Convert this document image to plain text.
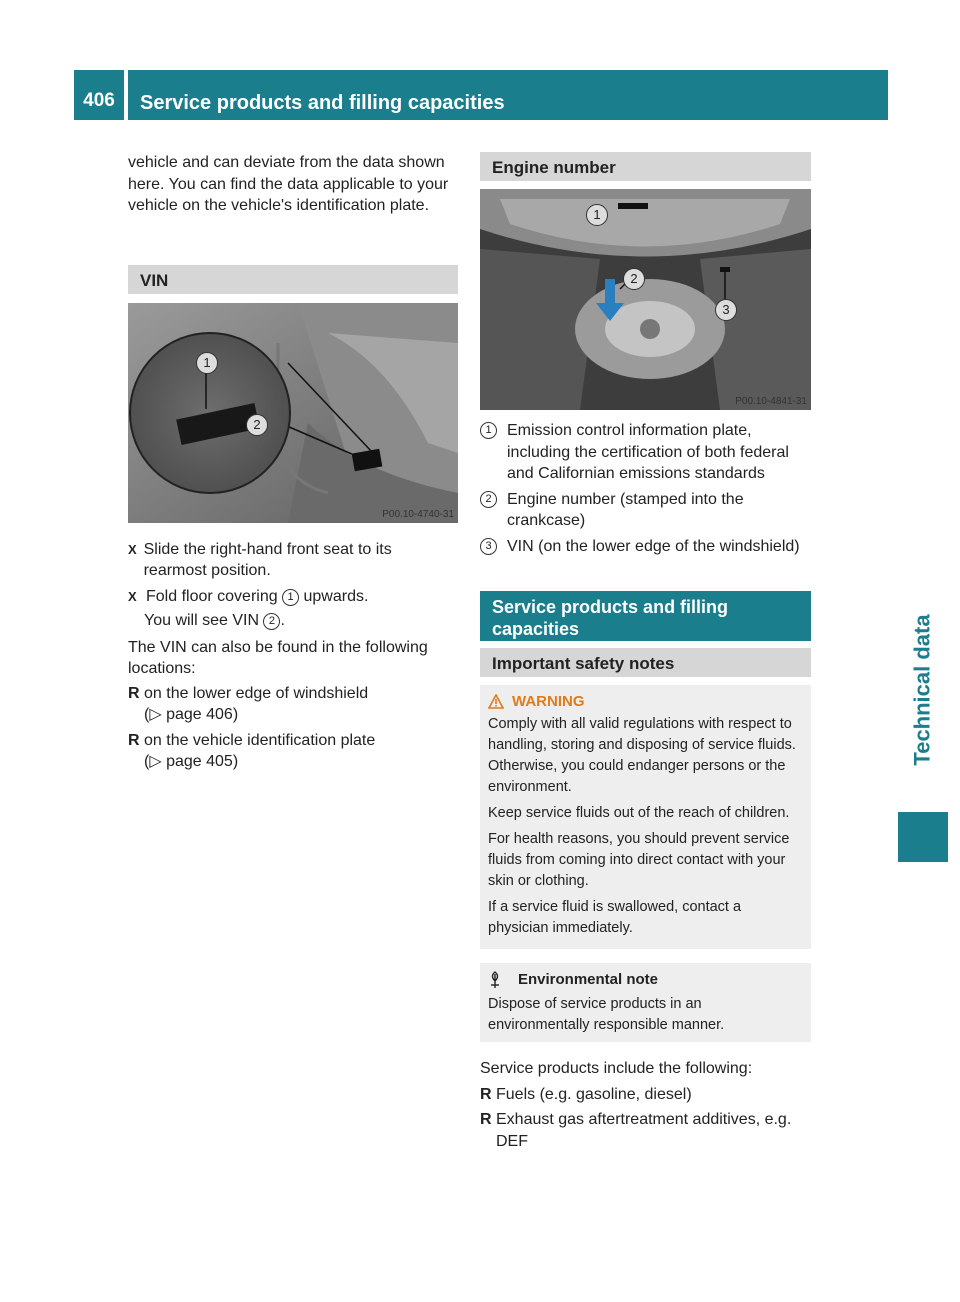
406	Service products and filling capacities
Technical data

vehicle and can deviate from the data shown here. You can find the data applicable to your vehicle on the vehicle's identification plate.

VIN
1
2
P00.10-4740-31
X Slide the right-hand front seat to its rearmost position.
X Fold floor covering 1 upwards.
You will see VIN 2 .

The VIN can also be found in the following locations:

R on the lower edge of windshield
(▷ page 406)
R on the vehicle identification plate
(▷ page 405)
Engine number
1
2
3
P00.10-4841-31
1 Emission control information plate, including the certification of both federal and Californian emissions standards
2 Engine number (stamped into the crankcase)
3 VIN (on the lower edge of the windshield)
Service products and filling capacities
Important safety notes
WARNING

Comply with all valid regulations with respect to handling, storing and disposing of service fluids. Otherwise, you could endanger persons or the environment.

Keep service fluids out of the reach of children.

For health reasons, you should prevent service fluids from coming into direct contact with your skin or clothing.

If a service fluid is swallowed, contact a physician immediately.

Environmental note

Dispose of service products in an environmentally responsible manner.

Service products include the following:

R Fuels (e.g. gasoline, diesel)
R Exhaust gas aftertreatment additives, e.g. DEF
